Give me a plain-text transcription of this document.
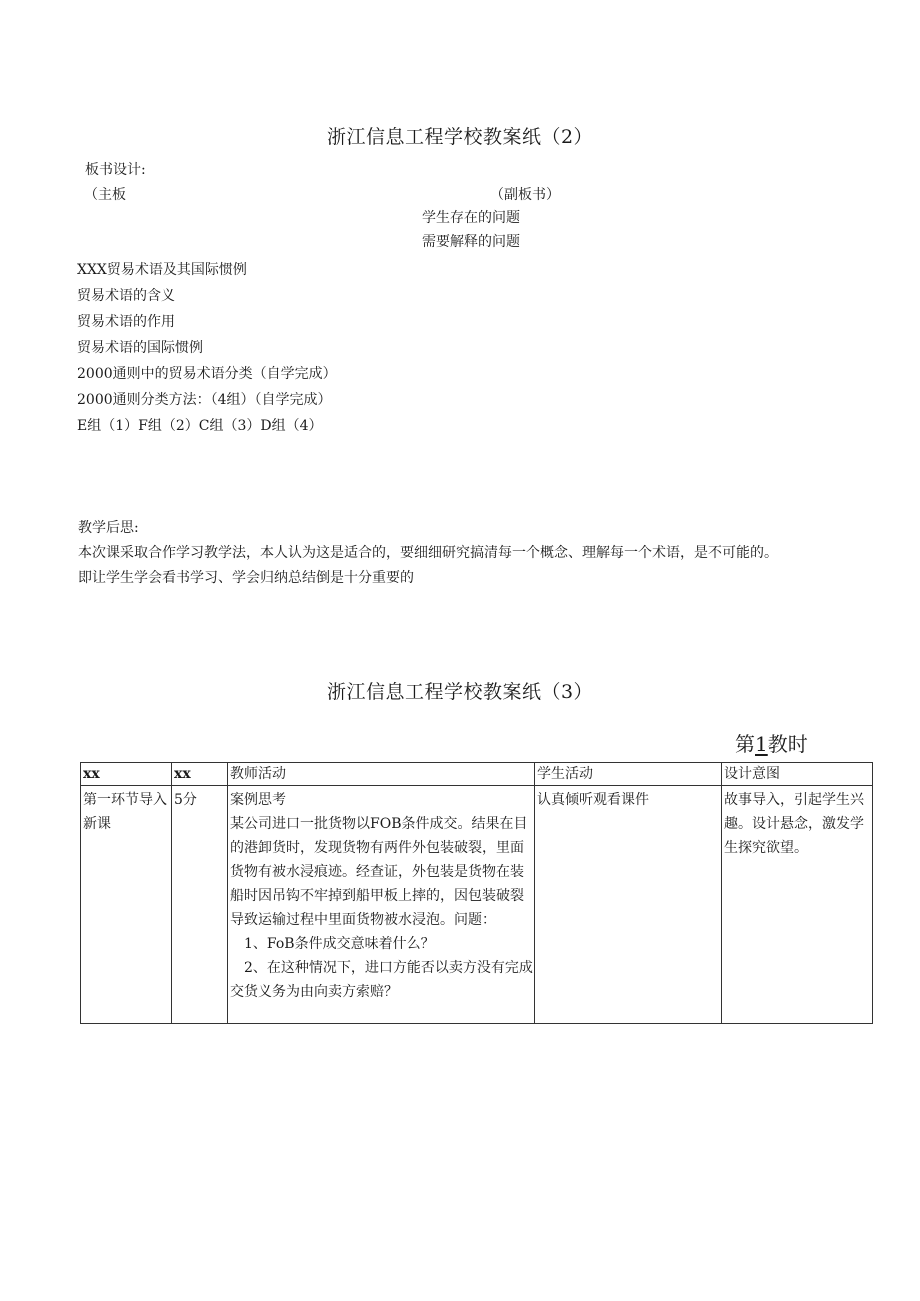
浙江信息工程学校教案纸（2）
板书设计:
（主板	（副板书）
学生存在的问题
需要解释的问题
XXX贸易术语及其国际惯例
贸易术语的含义
贸易术语的作用
贸易术语的国际惯例
2000通则中的贸易术语分类（自学完成）
2000通则分类方法：（4组）（自学完成）
E组（1）F组（2）C组（3）D组（4）
教学后思:
本次课采取合作学习教学法，本人认为这是适合的，要细细研究搞清每一个概念、理解每一个术语，是不可能的。
即让学生学会看书学习、学会归纳总结倒是十分重要的
浙江信息工程学校教案纸（3）
第1教时
xx	xx	教师活动	学生活动	设计意图
第一环节导入新课	5分	案例思考
某公司进口一批货物以FOB条件成交。结果在目的港卸货时，发现货物有两件外包装破裂，里面货物有被水浸痕迹。经查证，外包装是货物在装船时因吊钩不牢掉到船甲板上摔的，因包装破裂导致运输过程中里面货物被水浸泡。问题：
1、FoB条件成交意味着什么？
2、在这种情况下，进口方能否以卖方没有完成交货义务为由向卖方索赔？	认真倾听观看课件	故事导入，引起学生兴趣。设计悬念，激发学生探究欲望。
